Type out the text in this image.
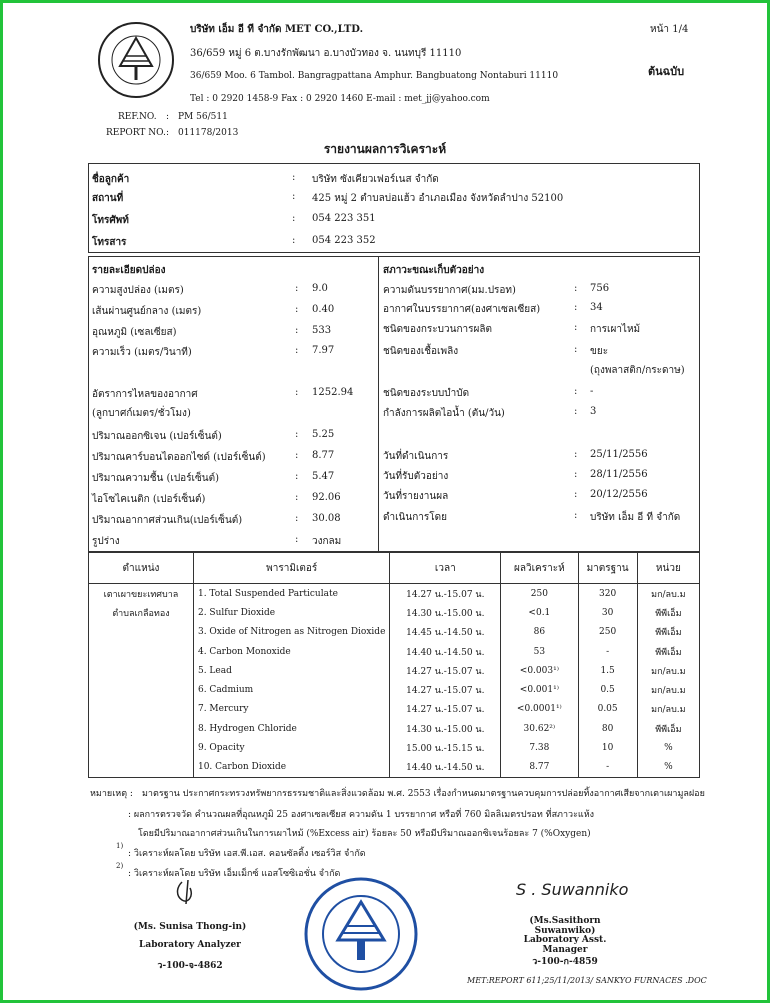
บริษัท เอ็ม อี ที จำกัด MET CO.,LTD.
36/659 หมู่ 6 ต.บางรักพัฒนา อ.บางบัวทอง จ. นนทบุรี 11110
36/659 Moo. 6 Tambol. Bangragpattana Amphur. Bangbuatong Nontaburi 11110
Tel : 0 2920 1458-9 Fax : 0 2920 1460 E-mail : met_jj@yahoo.com
หน้า 1/4
ต้นฉบับ
REF.NO. : PM 56/511
REPORT NO. : 011178/2013
รายงานผลการวิเคราะห์
ชื่อลูกค้า	: บริษัท ซังเคียวเฟอร์เนส จำกัด
สถานที่	: 425 หมู่ 2 ตำบลบ่อแฮ้ว อำเภอเมือง จังหวัดลำปาง 52100
โทรศัพท์	: 054 223 351
โทรสาร	: 054 223 352
รายละเอียดปล่อง	สภาวะขณะเก็บตัวอย่าง
ความสูงปล่อง (เมตร)	: 9.0
เส้นผ่านศูนย์กลาง (เมตร)	: 0.40
อุณหภูมิ (เซลเซียส)	: 533
ความเร็ว (เมตร/วินาที)	: 7.97
อัตราการไหลของอากาศ	: 1252.94
(ลูกบาศก์เมตร/ชั่วโมง)
ปริมาณออกซิเจน (เปอร์เซ็นต์)	: 5.25
ปริมาณคาร์บอนไดออกไซด์ (เปอร์เซ็นต์)	: 8.77
ปริมาณความชื้น (เปอร์เซ็นต์)	: 5.47
ไอโซไคเนติก (เปอร์เซ็นต์)	: 92.06
ปริมาณอากาศส่วนเกิน(เปอร์เซ็นต์)	: 30.08
รูปร่าง	: วงกลม
ความดันบรรยากาศ(มม.ปรอท)	: 756
อากาศในบรรยากาศ(องศาเซลเซียส)	: 34
ชนิดของกระบวนการผลิต	: การเผาไหม้
ชนิดของเชื้อเพลิง	: ขยะ
(ถุงพลาสติก/กระดาษ)
ชนิดของระบบบำบัด	: -
กำลังการผลิตไอน้ำ (ตัน/วัน)	: 3
วันที่ดำเนินการ	: 25/11/2556
วันที่รับตัวอย่าง	: 28/11/2556
วันที่รายงานผล	: 20/12/2556
ดำเนินการโดย	: บริษัท เอ็ม อี ที จำกัด
ตำแหน่ง	พารามิเตอร์	เวลา	ผลวิเคราะห์	มาตรฐาน	หน่วย
เตาเผาขยะเทศบาล	1. Total Suspended Particulate	14.27 น.-15.07 น.	250	320	มก/ลบ.ม
ตำบลเกลือทอง	2. Sulfur Dioxide	14.30 น.-15.00 น.	<0.1	30	พีพีเอ็ม
	3. Oxide of Nitrogen as Nitrogen Dioxide	14.45 น.-14.50 น.	86	250	พีพีเอ็ม
	4. Carbon Monoxide	14.40 น.-14.50 น.	53	-	พีพีเอ็ม
	5. Lead	14.27 น.-15.07 น.	<0.003¹⁾	1.5	มก/ลบ.ม
	6. Cadmium	14.27 น.-15.07 น.	<0.001¹⁾	0.5	มก/ลบ.ม
	7. Mercury	14.27 น.-15.07 น.	<0.0001¹⁾	0.05	มก/ลบ.ม
	8. Hydrogen Chloride	14.30 น.-15.00 น.	30.62²⁾	80	พีพีเอ็ม
	9. Opacity	15.00 น.-15.15 น.	7.38	10	%
	10. Carbon Dioxide	14.40 น.-14.50 น.	8.77	-	%
หมายเหตุ : มาตรฐาน ประกาศกระทรวงทรัพยากรธรรมชาติและสิ่งแวดล้อม พ.ศ. 2553 เรื่องกำหนดมาตรฐานควบคุมการปล่อยทิ้งอากาศเสียจากเตาเผามูลฝอย
: ผลการตรวจวัด คำนวณผลที่อุณหภูมิ 25 องศาเซลเซียส ความดัน 1 บรรยากาศ หรือที่ 760 มิลลิเมตรปรอท ที่สภาวะแห้ง
โดยมีปริมาณอากาศส่วนเกินในการเผาไหม้ (%Excess air) ร้อยละ 50 หรือมีปริมาณออกซิเจนร้อยละ 7 (%Oxygen)
1)
: วิเคราะห์ผลโดย บริษัท เอส.พี.เอส. คอนซัลติ้ง เซอร์วิส จำกัด
2)
: วิเคราะห์ผลโดย บริษัท เอ็มเม็กซ์ แอสโซซิเอชั่น จำกัด
(Ms. Sunisa Thong-in)
Laboratory Analyzer
ว-100-จ-4862
S . Suwanniko
(Ms.Sasithorn Suwanwiko)
Laboratory Asst. Manager
ว-100-ก-4859
MET:REPORT 611;25/11/2013/ SANKYO FURNACES .DOC
